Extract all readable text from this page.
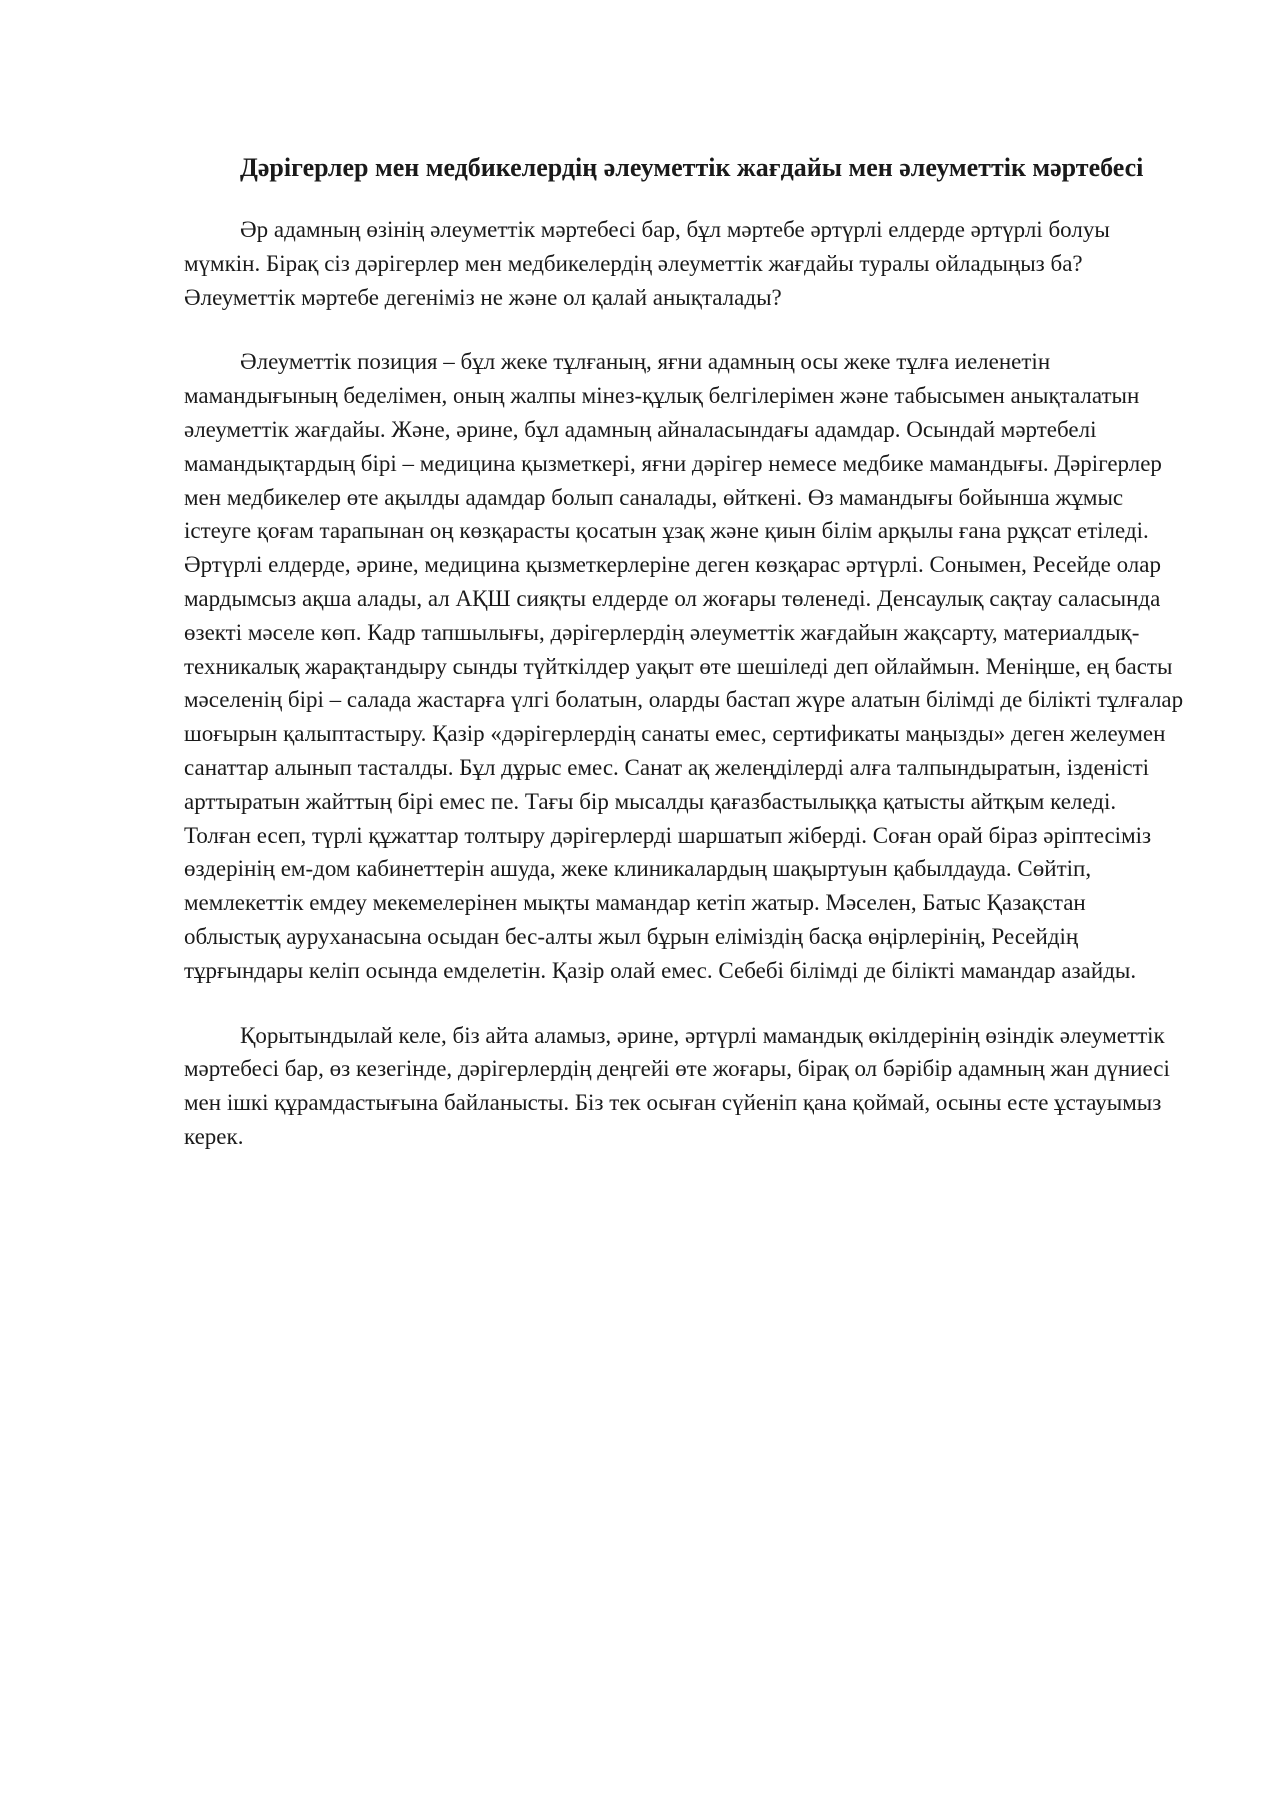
Дәрігерлер мен медбикелердің әлеуметтік жағдайы мен әлеуметтік мәртебесі

Әр адамның өзінің әлеуметтік мәртебесі бар, бұл мәртебе әртүрлі елдерде әртүрлі болуы мүмкін. Бірақ сіз дәрігерлер мен медбикелердің әлеуметтік жағдайы туралы ойладыңыз ба? Әлеуметтік мәртебе дегеніміз не және ол қалай анықталады?

Әлеуметтік позиция – бұл жеке тұлғаның, яғни адамның осы жеке тұлға иеленетін мамандығының беделімен, оның жалпы мінез-құлық белгілерімен және табысымен анықталатын әлеуметтік жағдайы. Және, әрине, бұл адамның айналасындағы адамдар. Осындай мәртебелі мамандықтардың бірі – медицина қызметкері, яғни дәрігер немесе медбике мамандығы. Дәрігерлер мен медбикелер өте ақылды адамдар болып саналады, өйткені. Өз мамандығы бойынша жұмыс істеуге қоғам тарапынан оң көзқарасты қосатын ұзақ және қиын білім арқылы ғана рұқсат етіледі. Әртүрлі елдерде, әрине, медицина қызметкерлеріне деген көзқарас әртүрлі. Сонымен, Ресейде олар мардымсыз ақша алады, ал АҚШ сияқты елдерде ол жоғары төленеді. Денсаулық сақтау саласында өзекті мәселе көп. Кадр тапшылығы, дәрігерлердің әлеуметтік жағдайын жақсарту, материалдық-техникалық жарақтандыру сынды түйткілдер уақыт өте шешіледі деп ойлаймын. Меніңше, ең басты мәселенің бірі – салада жастарға үлгі болатын, оларды бастап жүре алатын білімді де білікті тұлғалар шоғырын қалыптастыру. Қазір «дәрігерлердің санаты емес, сертификаты маңызды» деген желеумен санаттар алынып тасталды. Бұл дұрыс емес. Санат ақ желеңділерді алға талпындыратын, ізденісті арттыратын жайттың бірі емес пе. Тағы бір мысалды қағазбастылыққа қатысты айтқым келеді. Толған есеп, түрлі құжаттар толтыру дәрігерлерді шаршатып жіберді. Соған орай біраз әріптесіміз өздерінің ем-дом кабинеттерін ашуда, жеке клиникалардың шақыртуын қабылдауда. Сөйтіп, мемлекеттік емдеу мекемелерінен мықты мамандар кетіп жатыр. Мәселен, Батыс Қазақстан облыстық ауруханасына осыдан бес-алты жыл бұрын еліміздің басқа өңірлерінің, Ресейдің тұрғындары келіп осында емделетін. Қазір олай емес. Себебі білімді де білікті мамандар азайды.

Қорытындылай келе, біз айта аламыз, әрине, әртүрлі мамандық өкілдерінің өзіндік әлеуметтік мәртебесі бар, өз кезегінде, дәрігерлердің деңгейі өте жоғары, бірақ ол бәрібір адамның жан дүниесі мен ішкі құрамдастығына байланысты. Біз тек осыған сүйеніп қана қоймай, осыны есте ұстауымыз керек.
